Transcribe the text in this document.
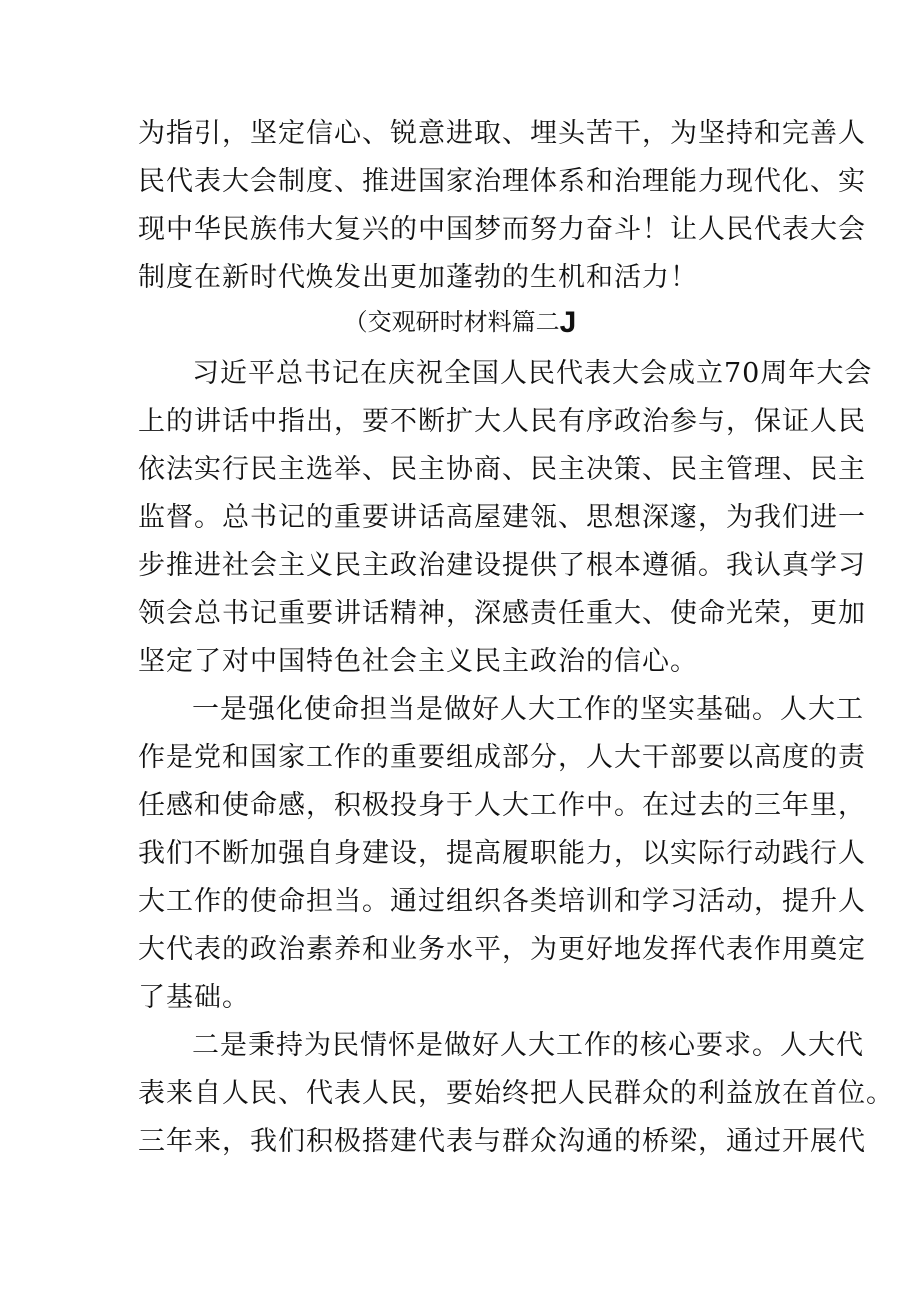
为指引，坚定信心、锐意进取、埋头苦干，为坚持和完善人
民代表大会制度、推进国家治理体系和治理能力现代化、实
现中华民族伟大复兴的中国梦而努力奋斗！让人民代表大会
制度在新时代焕发出更加蓬勃的生机和活力！
（交观研时材料篇二J
习近平总书记在庆祝全国人民代表大会成立70周年大会
上的讲话中指出，要不断扩大人民有序政治参与，保证人民
依法实行民主选举、民主协商、民主决策、民主管理、民主
监督。总书记的重要讲话高屋建瓴、思想深邃，为我们进一
步推进社会主义民主政治建设提供了根本遵循。我认真学习
领会总书记重要讲话精神，深感责任重大、使命光荣，更加
坚定了对中国特色社会主义民主政治的信心。
一是强化使命担当是做好人大工作的坚实基础。人大工
作是党和国家工作的重要组成部分，人大干部要以高度的责
任感和使命感，积极投身于人大工作中。在过去的三年里，
我们不断加强自身建设，提高履职能力，以实际行动践行人
大工作的使命担当。通过组织各类培训和学习活动，提升人
大代表的政治素养和业务水平，为更好地发挥代表作用奠定
了基础。
二是秉持为民情怀是做好人大工作的核心要求。人大代
表来自人民、代表人民，要始终把人民群众的利益放在首位。
三年来，我们积极搭建代表与群众沟通的桥梁，通过开展代
